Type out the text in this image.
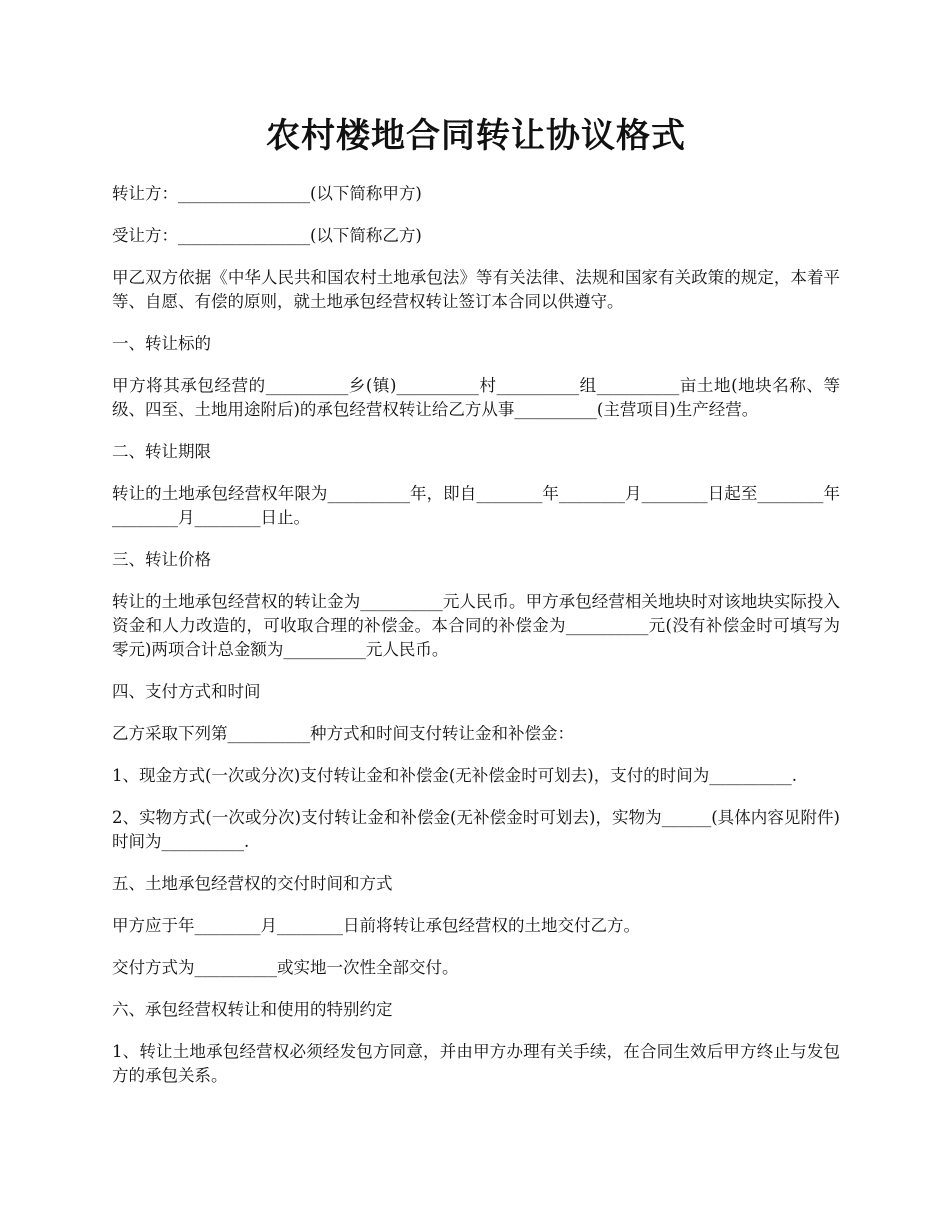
农村楼地合同转让协议格式

转让方：________________(以下简称甲方)

受让方：________________(以下简称乙方)

甲乙双方依据《中华人民共和国农村土地承包法》等有关法律、法规和国家有关政策的规定，本着平等、自愿、有偿的原则，就土地承包经营权转让签订本合同以供遵守。

一、转让标的

甲方将其承包经营的__________乡(镇)__________村__________组__________亩土地(地块名称、等级、四至、土地用途附后)的承包经营权转让给乙方从事__________(主营项目)生产经营。

二、转让期限

转让的土地承包经营权年限为__________年，即自________年________月________日起至________年________月________日止。

三、转让价格

转让的土地承包经营权的转让金为__________元人民币。甲方承包经营相关地块时对该地块实际投入资金和人力改造的，可收取合理的补偿金。本合同的补偿金为__________元(没有补偿金时可填写为零元)两项合计总金额为__________元人民币。

四、支付方式和时间

乙方采取下列第__________种方式和时间支付转让金和补偿金：

1、现金方式(一次或分次)支付转让金和补偿金(无补偿金时可划去)，支付的时间为__________.

2、实物方式(一次或分次)支付转让金和补偿金(无补偿金时可划去)，实物为______(具体内容见附件)时间为__________.

五、土地承包经营权的交付时间和方式

甲方应于年________月________日前将转让承包经营权的土地交付乙方。

交付方式为__________或实地一次性全部交付。

六、承包经营权转让和使用的特别约定

1、转让土地承包经营权必须经发包方同意，并由甲方办理有关手续，在合同生效后甲方终止与发包方的承包关系。
